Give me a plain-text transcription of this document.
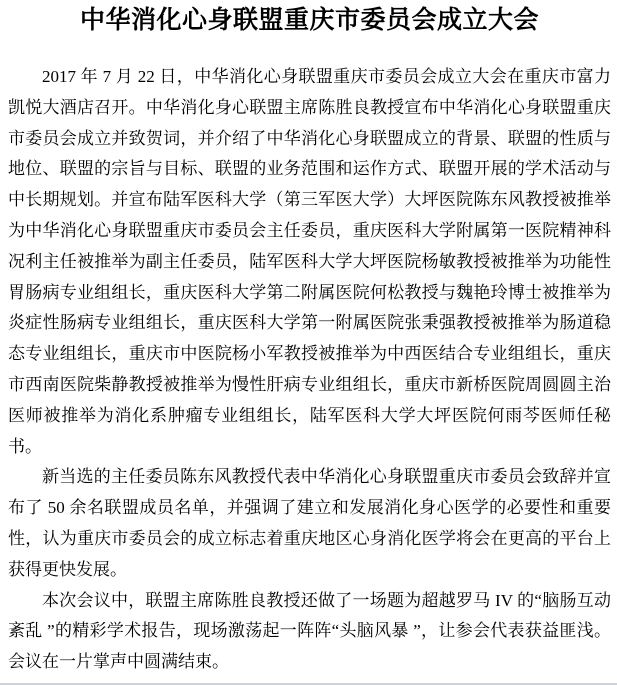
中华消化心身联盟重庆市委员会成立大会

2017 年 7 月 22 日，中华消化心身联盟重庆市委员会成立大会在重庆市富力凯悦大酒店召开。中华消化身心联盟主席陈胜良教授宣布中华消化心身联盟重庆市委员会成立并致贺词，并介绍了中华消化心身联盟成立的背景、联盟的性质与地位、联盟的宗旨与目标、联盟的业务范围和运作方式、联盟开展的学术活动与中长期规划。并宣布陆军医科大学（第三军医大学）大坪医院陈东风教授被推举为中华消化心身联盟重庆市委员会主任委员，重庆医科大学附属第一医院精神科况利主任被推举为副主任委员，陆军医科大学大坪医院杨敏教授被推举为功能性胃肠病专业组组长，重庆医科大学第二附属医院何松教授与魏艳玲博士被推举为炎症性肠病专业组组长，重庆医科大学第一附属医院张秉强教授被推举为肠道稳态专业组组长，重庆市中医院杨小军教授被推举为中西医结合专业组组长，重庆市西南医院柴静教授被推举为慢性肝病专业组组长，重庆市新桥医院周圆圆主治医师被推举为消化系肿瘤专业组组长，陆军医科大学大坪医院何雨芩医师任秘书。

新当选的主任委员陈东风教授代表中华消化心身联盟重庆市委员会致辞并宣布了 50 余名联盟成员名单，并强调了建立和发展消化身心医学的必要性和重要性，认为重庆市委员会的成立标志着重庆地区心身消化医学将会在更高的平台上获得更快发展。

本次会议中，联盟主席陈胜良教授还做了一场题为超越罗马 IV 的“脑肠互动紊乱 ”的精彩学术报告，现场激荡起一阵阵“头脑风暴 ”，让参会代表获益匪浅。会议在一片掌声中圆满结束。
